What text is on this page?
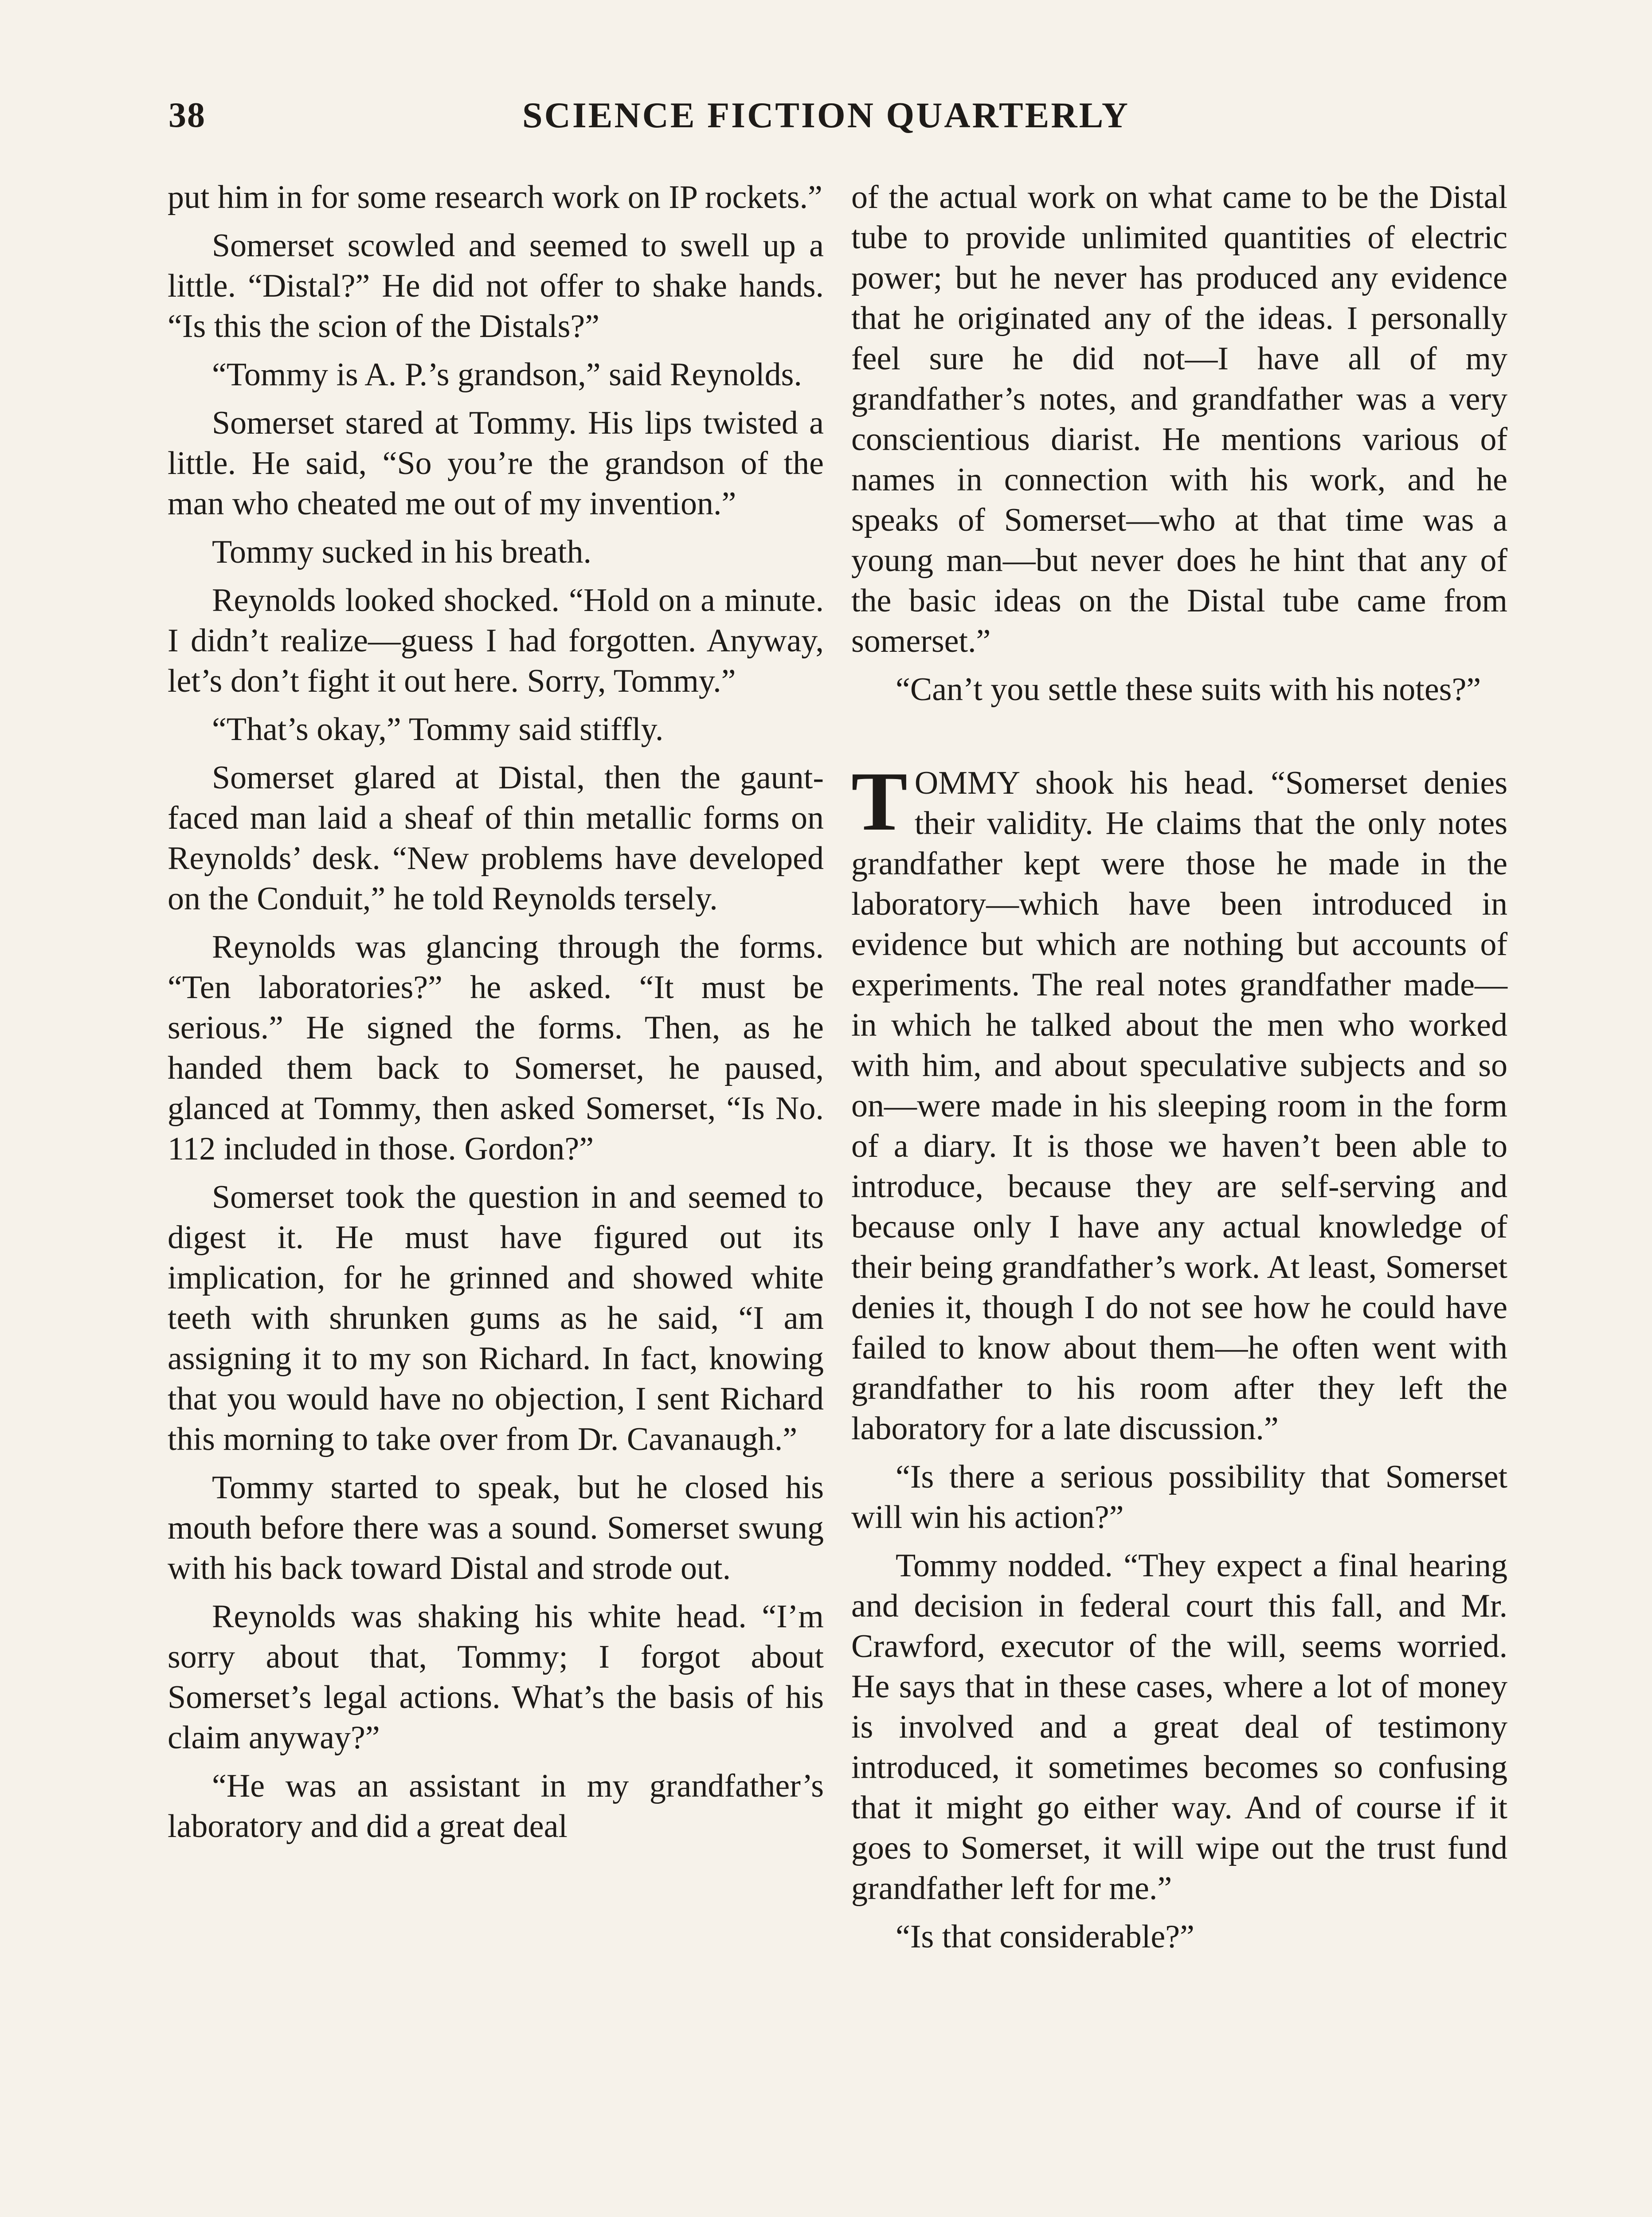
38	SCIENCE FICTION QUARTERLY

put him in for some research work on IP rockets.”

Somerset scowled and seemed to swell up a little. “Distal?” He did not offer to shake hands. “Is this the scion of the Distals?”

“Tommy is A. P.’s grandson,” said Reynolds.

Somerset stared at Tommy. His lips twisted a little. He said, “So you’re the grandson of the man who cheated me out of my invention.”

Tommy sucked in his breath.

Reynolds looked shocked. “Hold on a minute. I didn’t realize—guess I had forgotten. Anyway, let’s don’t fight it out here. Sorry, Tommy.”

“That’s okay,” Tommy said stiffly.

Somerset glared at Distal, then the gaunt-faced man laid a sheaf of thin metallic forms on Reynolds’ desk. “New problems have developed on the Conduit,” he told Reynolds tersely.

Reynolds was glancing through the forms. “Ten laboratories?” he asked. “It must be serious.” He signed the forms. Then, as he handed them back to Somerset, he paused, glanced at Tommy, then asked Somerset, “Is No. 112 included in those. Gordon?”

Somerset took the question in and seemed to digest it. He must have figured out its implication, for he grinned and showed white teeth with shrunken gums as he said, “I am assigning it to my son Richard. In fact, knowing that you would have no objection, I sent Richard this morning to take over from Dr. Cavanaugh.”

Tommy started to speak, but he closed his mouth before there was a sound. Somerset swung with his back toward Distal and strode out.

Reynolds was shaking his white head. “I’m sorry about that, Tommy; I forgot about Somerset’s legal actions. What’s the basis of his claim anyway?”

“He was an assistant in my grandfather’s laboratory and did a great deal

of the actual work on what came to be the Distal tube to provide unlimited quantities of electric power; but he never has produced any evidence that he originated any of the ideas. I personally feel sure he did not—I have all of my grandfather’s notes, and grandfather was a very conscientious diarist. He mentions various of names in connection with his work, and he speaks of Somerset—who at that time was a young man—but never does he hint that any of the basic ideas on the Distal tube came from somerset.”

“Can’t you settle these suits with his notes?”

TOMMY shook his head. “Somerset denies their validity. He claims that the only notes grandfather kept were those he made in the laboratory—which have been introduced in evidence but which are nothing but accounts of experiments. The real notes grandfather made—in which he talked about the men who worked with him, and about speculative subjects and so on—were made in his sleeping room in the form of a diary. It is those we haven’t been able to introduce, because they are self-serving and because only I have any actual knowledge of their being grandfather’s work. At least, Somerset denies it, though I do not see how he could have failed to know about them—he often went with grandfather to his room after they left the laboratory for a late discussion.”

“Is there a serious possibility that Somerset will win his action?”

Tommy nodded. “They expect a final hearing and decision in federal court this fall, and Mr. Crawford, executor of the will, seems worried. He says that in these cases, where a lot of money is involved and a great deal of testimony introduced, it sometimes becomes so confusing that it might go either way. And of course if it goes to Somerset, it will wipe out the trust fund grandfather left for me.”

“Is that considerable?”
